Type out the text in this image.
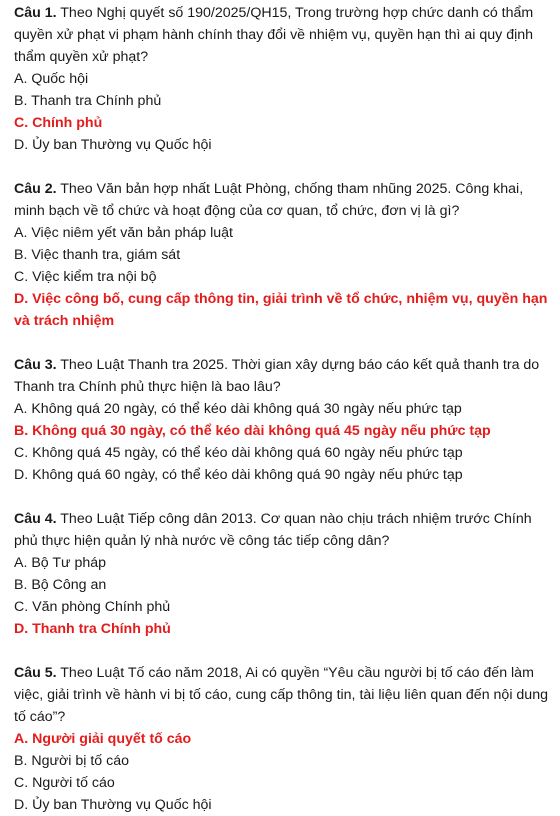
Câu 1. Theo Nghị quyết số 190/2025/QH15, Trong trường hợp chức danh có thẩm quyền xử phạt vi phạm hành chính thay đổi về nhiệm vụ, quyền hạn thì ai quy định thẩm quyền xử phạt?

A. Quốc hội

B. Thanh tra Chính phủ

C. Chính phủ

D. Ủy ban Thường vụ Quốc hội

Câu 2. Theo Văn bản hợp nhất Luật Phòng, chống tham nhũng 2025. Công khai, minh bạch về tổ chức và hoạt động của cơ quan, tổ chức, đơn vị là gì?

A. Việc niêm yết văn bản pháp luật

B. Việc thanh tra, giám sát

C. Việc kiểm tra nội bộ

D. Việc công bố, cung cấp thông tin, giải trình về tổ chức, nhiệm vụ, quyền hạn và trách nhiệm

Câu 3. Theo Luật Thanh tra 2025. Thời gian xây dựng báo cáo kết quả thanh tra do Thanh tra Chính phủ thực hiện là bao lâu?

A. Không quá 20 ngày, có thể kéo dài không quá 30 ngày nếu phức tạp

B. Không quá 30 ngày, có thể kéo dài không quá 45 ngày nếu phức tạp

C. Không quá 45 ngày, có thể kéo dài không quá 60 ngày nếu phức tạp

D. Không quá 60 ngày, có thể kéo dài không quá 90 ngày nếu phức tạp

Câu 4. Theo Luật Tiếp công dân 2013. Cơ quan nào chịu trách nhiệm trước Chính phủ thực hiện quản lý nhà nước về công tác tiếp công dân?

A. Bộ Tư pháp

B. Bộ Công an

C. Văn phòng Chính phủ

D. Thanh tra Chính phủ

Câu 5. Theo Luật Tố cáo năm 2018, Ai có quyền “Yêu cầu người bị tố cáo đến làm việc, giải trình về hành vi bị tố cáo, cung cấp thông tin, tài liệu liên quan đến nội dung tố cáo”?

A. Người giải quyết tố cáo

B. Người bị tố cáo

C. Người tố cáo

D. Ủy ban Thường vụ Quốc hội
